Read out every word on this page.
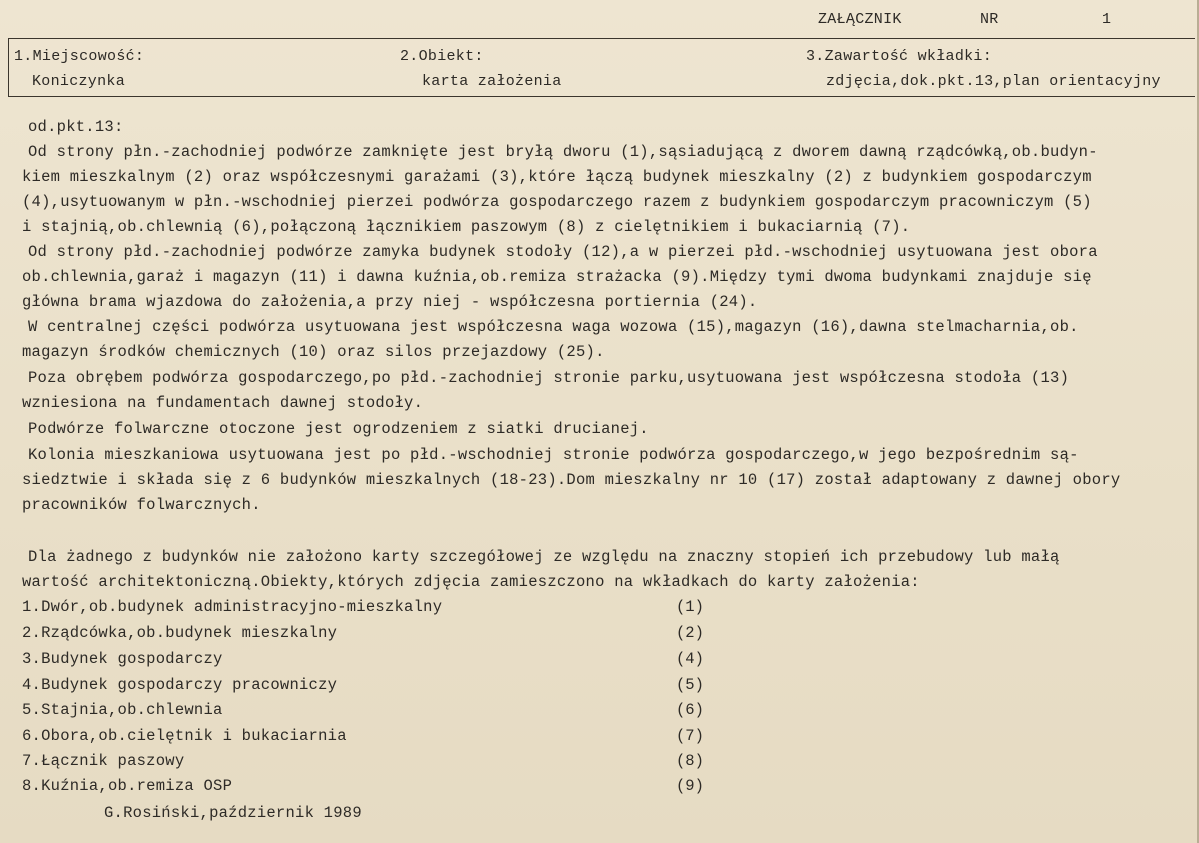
ZAŁĄCZNIK	NR	1
1.Miejscowość:
Koniczynka
2.Obiekt:
karta założenia
3.Zawartość wkładki:
zdjęcia,dok.pkt.13,plan orientacyjny
od.pkt.13:
Od strony płn.-zachodniej podwórze zamknięte jest bryłą dworu (1),sąsiadującą z dworem dawną rządcówką,ob.budyn-
kiem mieszkalnym (2) oraz współczesnymi garażami (3),które łączą budynek mieszkalny (2) z budynkiem gospodarczym
(4),usytuowanym w płn.-wschodniej pierzei podwórza gospodarczego razem z budynkiem gospodarczym pracowniczym (5)
i stajnią,ob.chlewnią (6),połączoną łącznikiem paszowym (8) z cielętnikiem i bukaciarnią (7).
Od strony płd.-zachodniej podwórze zamyka budynek stodoły (12),a w pierzei płd.-wschodniej usytuowana jest obora
ob.chlewnia,garaż i magazyn (11) i dawna kuźnia,ob.remiza strażacka (9).Między tymi dwoma budynkami znajduje się
główna brama wjazdowa do założenia,a przy niej - współczesna portiernia (24).
W centralnej części podwórza usytuowana jest współczesna waga wozowa (15),magazyn (16),dawna stelmacharnia,ob.
magazyn środków chemicznych (10) oraz silos przejazdowy (25).
Poza obrębem podwórza gospodarczego,po płd.-zachodniej stronie parku,usytuowana jest współczesna stodoła (13)
wzniesiona na fundamentach dawnej stodoły.
Podwórze folwarczne otoczone jest ogrodzeniem z siatki drucianej.
Kolonia mieszkaniowa usytuowana jest po płd.-wschodniej stronie podwórza gospodarczego,w jego bezpośrednim są-
siedztwie i składa się z 6 budynków mieszkalnych (18-23).Dom mieszkalny nr 10 (17) został adaptowany z dawnej obory
pracowników folwarcznych.
Dla żadnego z budynków nie założono karty szczegółowej ze względu na znaczny stopień ich przebudowy lub małą
wartość architektoniczną.Obiekty,których zdjęcia zamieszczono na wkładkach do karty założenia:
1.Dwór,ob.budynek administracyjno-mieszkalny	(1)
2.Rządcówka,ob.budynek mieszkalny	(2)
3.Budynek gospodarczy	(4)
4.Budynek gospodarczy pracowniczy	(5)
5.Stajnia,ob.chlewnia	(6)
6.Obora,ob.cielętnik i bukaciarnia	(7)
7.Łącznik paszowy	(8)
8.Kuźnia,ob.remiza OSP	(9)
G.Rosiński,październik 1989
